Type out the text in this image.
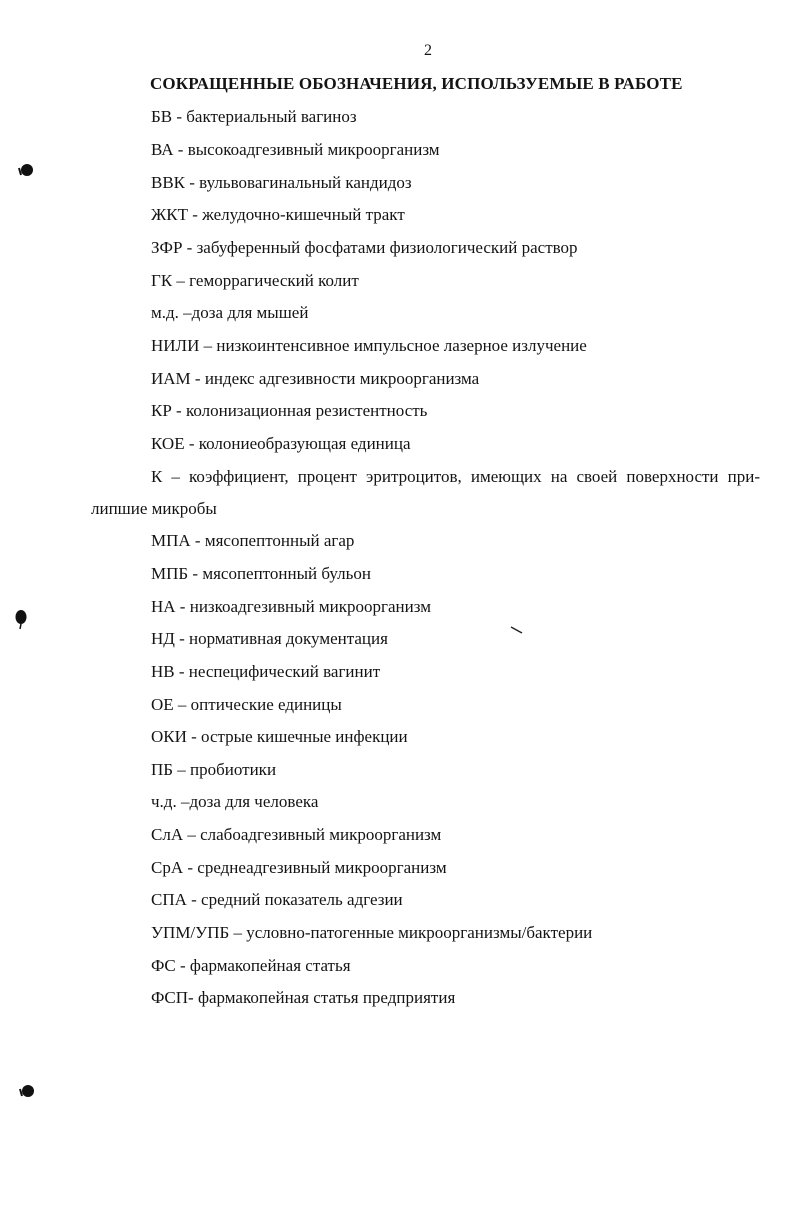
2
СОКРАЩЕННЫЕ ОБОЗНАЧЕНИЯ, ИСПОЛЬЗУЕМЫЕ В РАБОТЕ
БВ - бактериальный вагиноз
ВА - высокоадгезивный микроорганизм
ВВК - вульвовагинальный кандидоз
ЖКТ - желудочно-кишечный тракт
ЗФР - забуференный фосфатами физиологический раствор
ГК – геморрагический колит
м.д. –доза для мышей
НИЛИ – низкоинтенсивное импульсное лазерное излучение
ИАМ - индекс адгезивности микроорганизма
КР - колонизационная резистентность
КОЕ - колониеобразующая единица
К – коэффициент, процент эритроцитов, имеющих на своей поверхности при-
липшие микробы
МПА - мясопептонный агар
МПБ - мясопептонный бульон
НА - низкоадгезивный микроорганизм
НД - нормативная документация
НВ - неспецифический вагинит
ОЕ – оптические единицы
ОКИ - острые кишечные инфекции
ПБ – пробиотики
ч.д. –доза для человека
СлА – слабоадгезивный микроорганизм
СрА - среднеадгезивный микроорганизм
СПА - средний показатель адгезии
УПМ/УПБ – условно-патогенные микроорганизмы/бактерии
ФС - фармакопейная статья
ФСП- фармакопейная статья предприятия
